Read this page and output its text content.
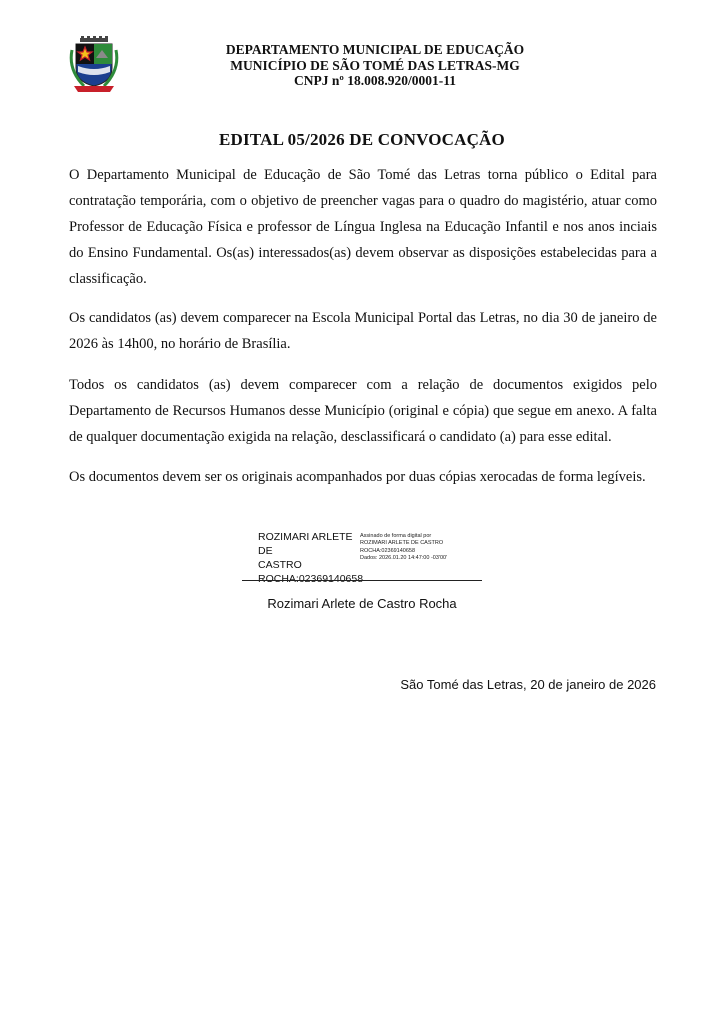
DEPARTAMENTO MUNICIPAL DE EDUCAÇÃO
MUNICÍPIO DE SÃO TOMÉ DAS LETRAS-MG
CNPJ nº 18.008.920/0001-11
EDITAL 05/2026 DE CONVOCAÇÃO

O Departamento Municipal de Educação de São Tomé das Letras torna público o Edital para contratação temporária, com o objetivo de preencher vagas para o quadro do magistério, atuar como Professor de Educação Física e professor de Língua Inglesa na Educação Infantil e nos anos inciais do Ensino Fundamental. Os(as) interessados(as) devem observar as disposições estabelecidas para a classificação.

Os candidatos (as) devem comparecer na Escola Municipal Portal das Letras, no dia 30 de janeiro de 2026 às 14h00, no horário de Brasília.

Todos os candidatos (as) devem comparecer com a relação de documentos exigidos pelo Departamento de Recursos Humanos desse Município (original e cópia) que segue em anexo. A falta de qualquer documentação exigida na relação, desclassificará o candidato (a) para esse edital.

Os documentos devem ser os originais acompanhados por duas cópias xerocadas de forma legíveis.

ROZIMARI ARLETE DE
CASTRO
ROCHA:02369140658
Assinado de forma digital por
ROZIMARI ARLETE DE CASTRO
ROCHA:02369140658
Dados: 2026.01.20 14:47:00 -03'00'
Rozimari Arlete de Castro Rocha
São Tomé das Letras, 20 de janeiro de 2026
